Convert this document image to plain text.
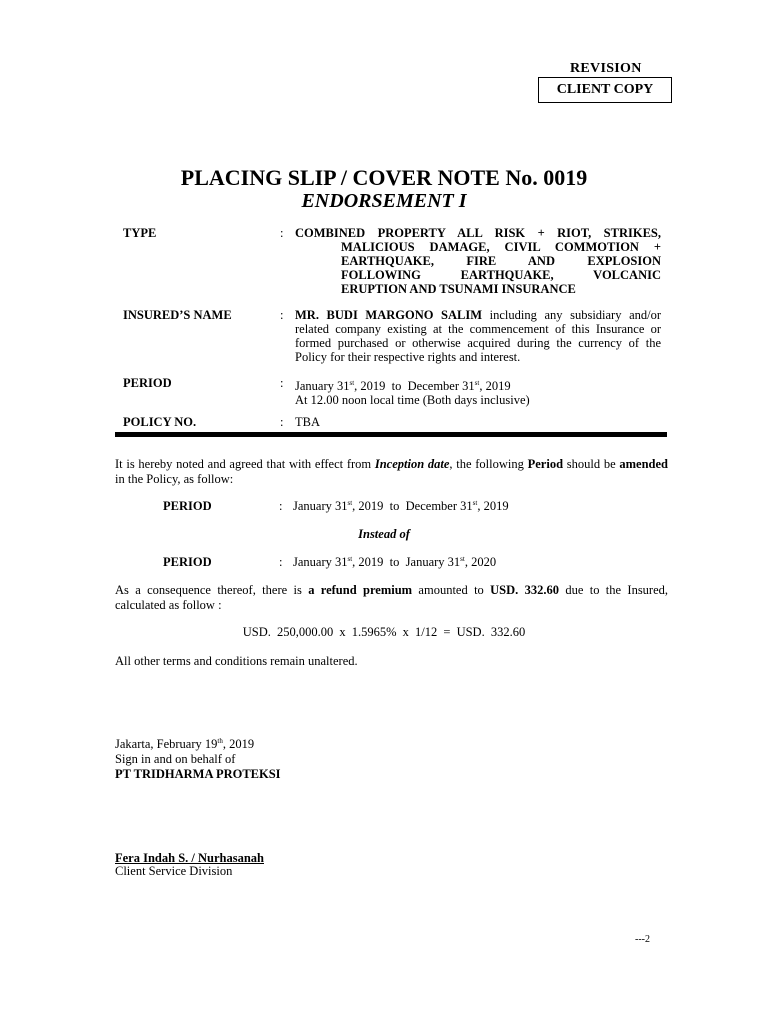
REVISION
CLIENT COPY
PLACING SLIP / COVER NOTE No. 0019
ENDORSEMENT I
TYPE	: COMBINED PROPERTY ALL RISK + RIOT, STRIKES,
MALICIOUS DAMAGE, CIVIL COMMOTION +
EARTHQUAKE, FIRE AND EXPLOSION
FOLLOWING EARTHQUAKE, VOLCANIC
ERUPTION AND TSUNAMI INSURANCE
INSURED’S NAME	: MR. BUDI MARGONO SALIM including any subsidiary and/or related company existing at the commencement of this Insurance or formed purchased or otherwise acquired during the currency of the Policy for their respective rights and interest.
PERIOD	: January 31st, 2019 to December 31st, 2019
At 12.00 noon local time (Both days inclusive)
POLICY NO.	: TBA
It is hereby noted and agreed that with effect from Inception date, the following Period should be amended in the Policy, as follow:
PERIOD	: January 31st, 2019 to December 31st, 2019
Instead of
PERIOD	: January 31st, 2019 to January 31st, 2020
As a consequence thereof, there is a refund premium amounted to USD. 332.60 due to the Insured, calculated as follow :
USD. 250,000.00 x 1.5965% x 1/12 = USD. 332.60
All other terms and conditions remain unaltered.
Jakarta, February 19th, 2019
Sign in and on behalf of
PT TRIDHARMA PROTEKSI
Fera Indah S. / Nurhasanah
Client Service Division
---2
